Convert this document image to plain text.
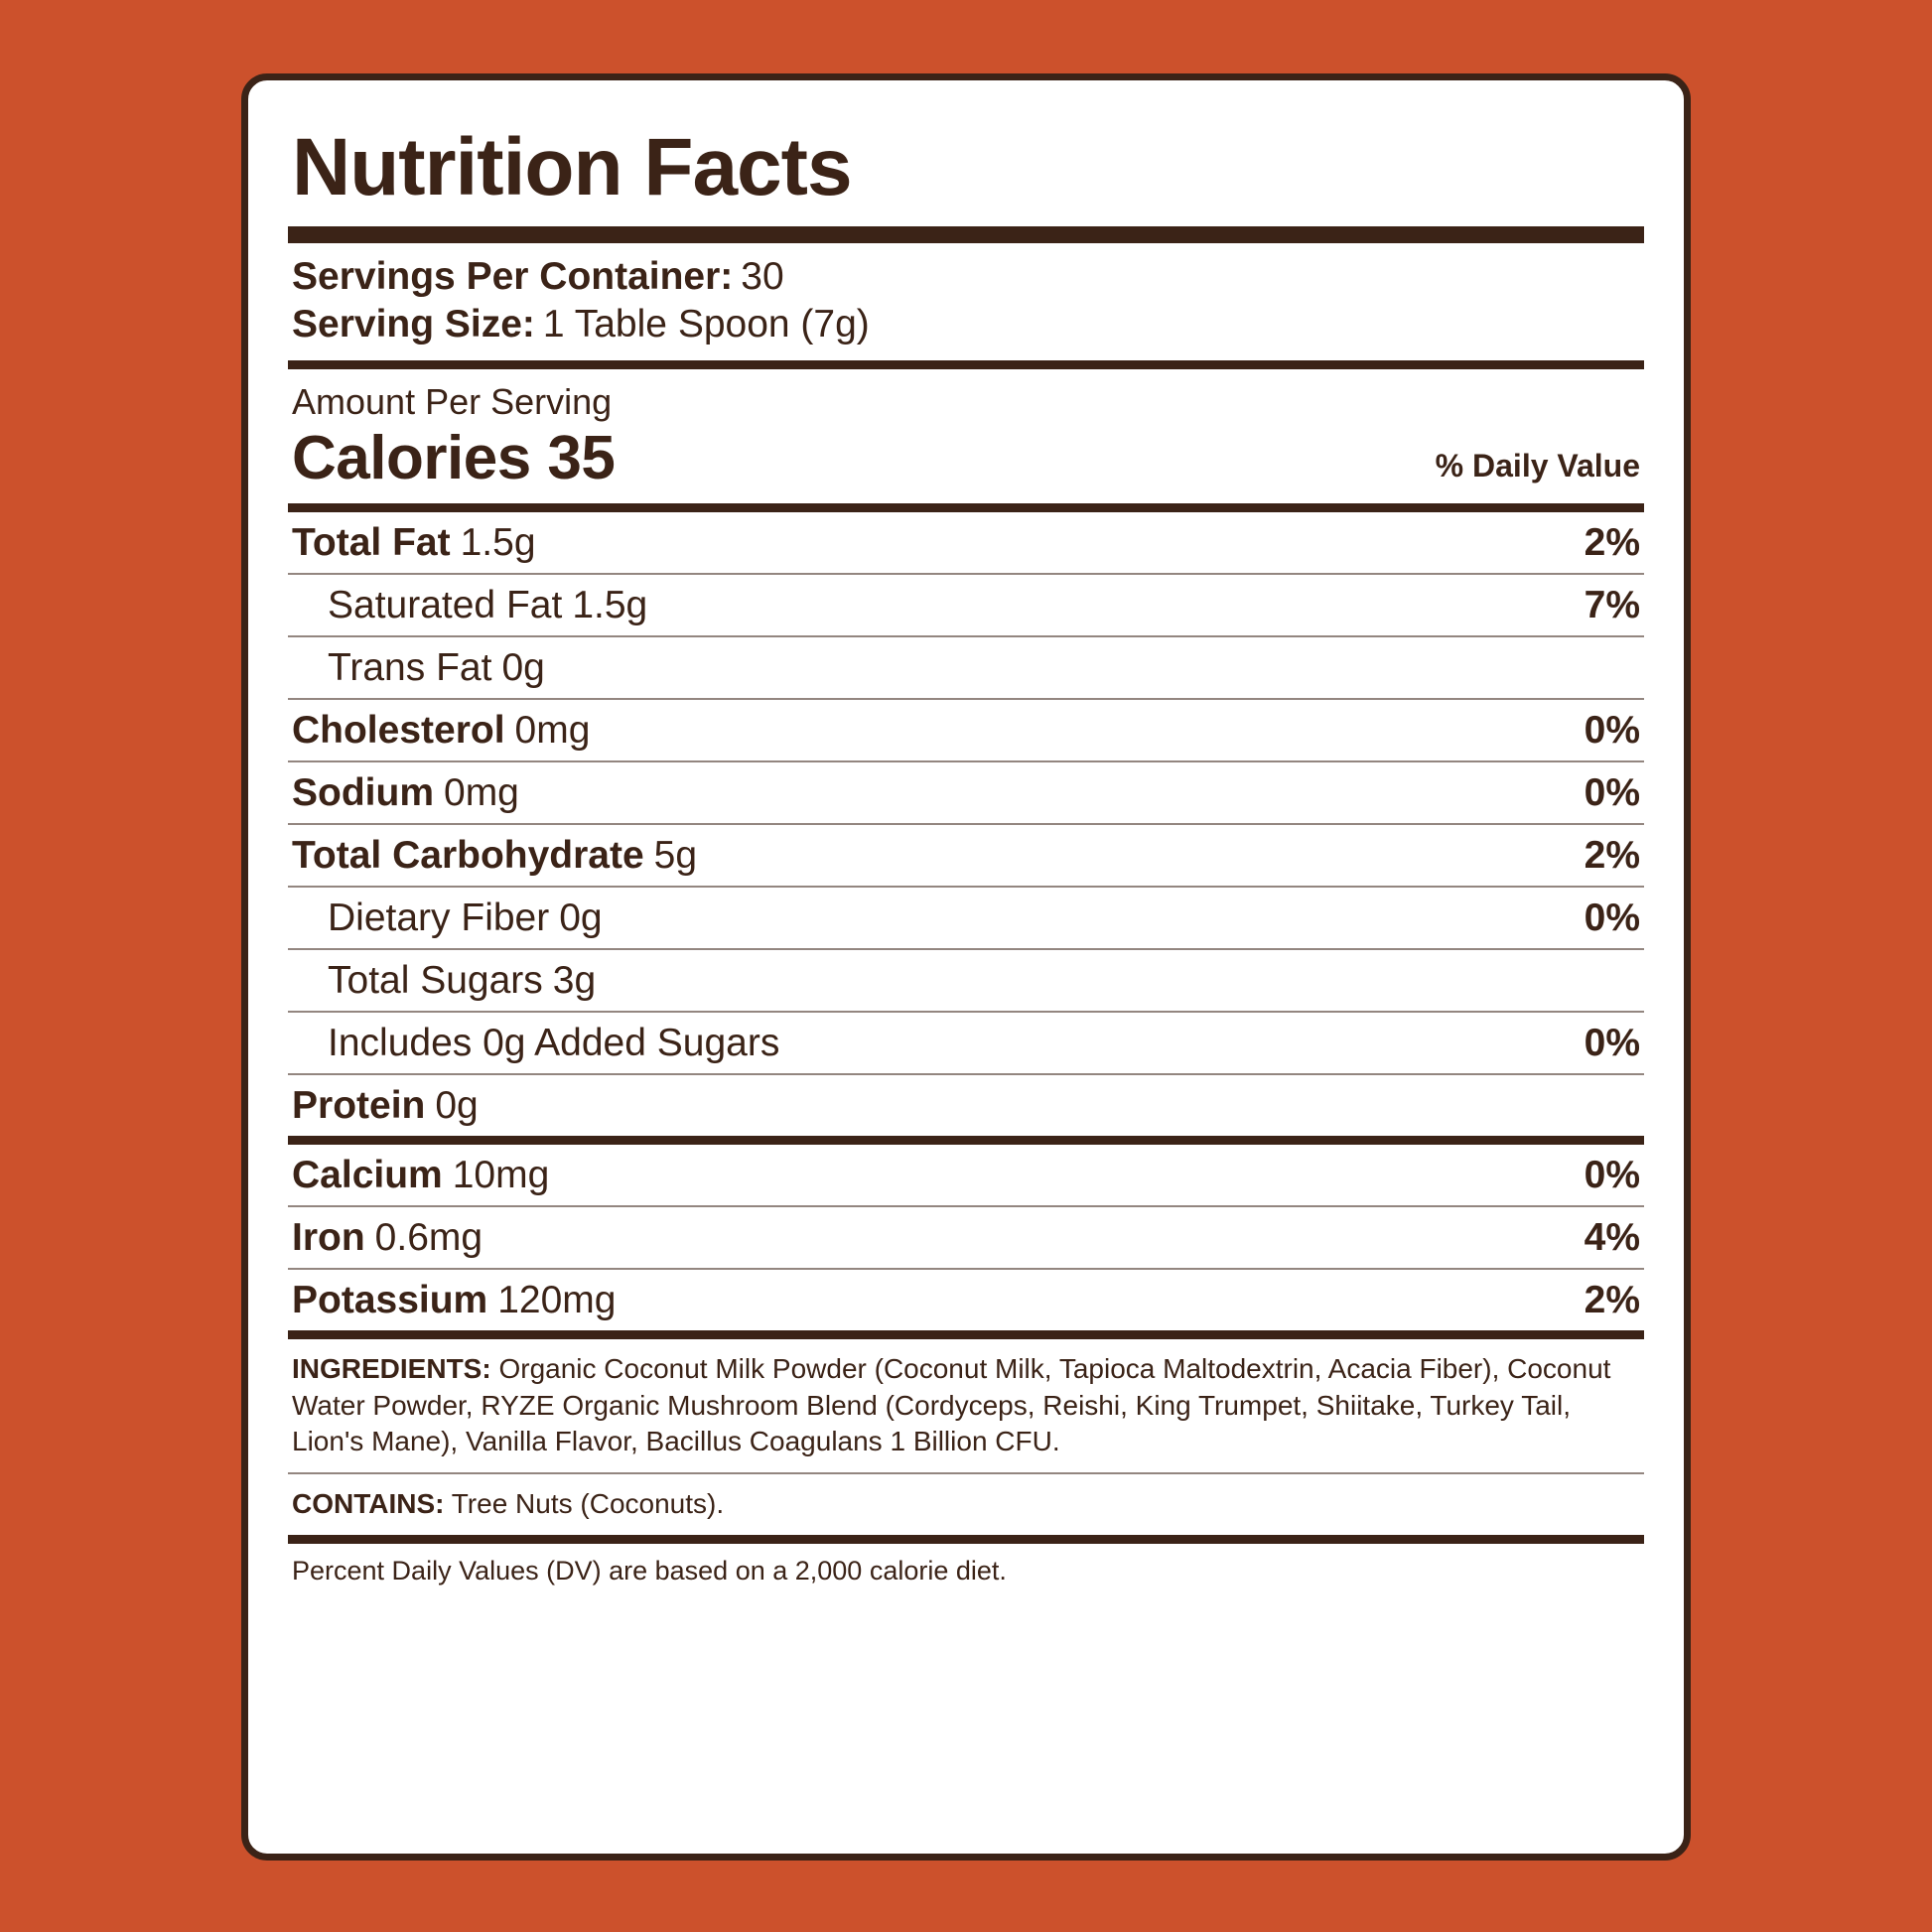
Nutrition Facts
Servings Per Container: 30
Serving Size: 1 Table Spoon (7g)
Amount Per Serving
Calories 35	% Daily Value
Total Fat 1.5g	2%
Saturated Fat 1.5g	7%
Trans Fat 0g
Cholesterol 0mg	0%
Sodium 0mg	0%
Total Carbohydrate 5g	2%
Dietary Fiber 0g	0%
Total Sugars 3g
Includes 0g Added Sugars	0%
Protein 0g
Calcium 10mg	0%
Iron 0.6mg	4%
Potassium 120mg	2%
INGREDIENTS: Organic Coconut Milk Powder (Coconut Milk, Tapioca Maltodextrin, Acacia Fiber), Coconut Water Powder, RYZE Organic Mushroom Blend (Cordyceps, Reishi, King Trumpet, Shiitake, Turkey Tail, Lion's Mane), Vanilla Flavor, Bacillus Coagulans 1 Billion CFU.
CONTAINS: Tree Nuts (Coconuts).
Percent Daily Values (DV) are based on a 2,000 calorie diet.
